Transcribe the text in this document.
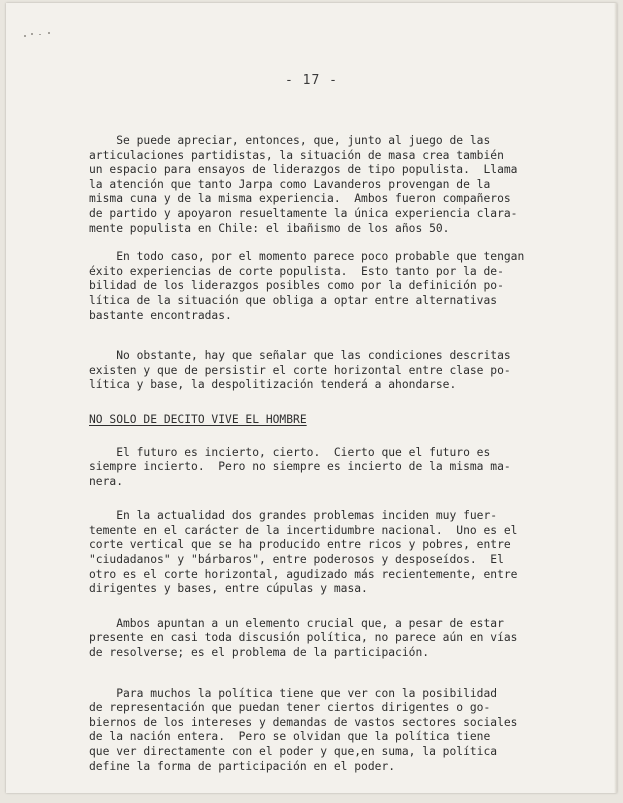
- 17 -

Se puede apreciar, entonces, que, junto al juego de las
articulaciones partidistas, la situación de masa crea también
un espacio para ensayos de liderazgos de tipo populista.  Llama
la atención que tanto Jarpa como Lavanderos provengan de la
misma cuna y de la misma experiencia.  Ambos fueron compañeros
de partido y apoyaron resueltamente la única experiencia clara-
mente populista en Chile: el ibañismo de los años 50.

En todo caso, por el momento parece poco probable que tengan
éxito experiencias de corte populista.  Esto tanto por la de-
bilidad de los liderazgos posibles como por la definición po-
lítica de la situación que obliga a optar entre alternativas
bastante encontradas.

No obstante, hay que señalar que las condiciones descritas
existen y que de persistir el corte horizontal entre clase po-
lítica y base, la despolitización tenderá a ahondarse.

NO SOLO DE DECITO VIVE EL HOMBRE

El futuro es incierto, cierto.  Cierto que el futuro es
siempre incierto.  Pero no siempre es incierto de la misma ma-
nera.

En la actualidad dos grandes problemas inciden muy fuer-
temente en el carácter de la incertidumbre nacional.  Uno es el
corte vertical que se ha producido entre ricos y pobres, entre
"ciudadanos" y "bárbaros", entre poderosos y desposeídos.  El
otro es el corte horizontal, agudizado más recientemente, entre
dirigentes y bases, entre cúpulas y masa.

Ambos apuntan a un elemento crucial que, a pesar de estar
presente en casi toda discusión política, no parece aún en vías
de resolverse; es el problema de la participación.

Para muchos la política tiene que ver con la posibilidad
de representación que puedan tener ciertos dirigentes o go-
biernos de los intereses y demandas de vastos sectores sociales
de la nación entera.  Pero se olvidan que la política tiene
que ver directamente con el poder y que,en suma, la política
define la forma de participación en el poder.
